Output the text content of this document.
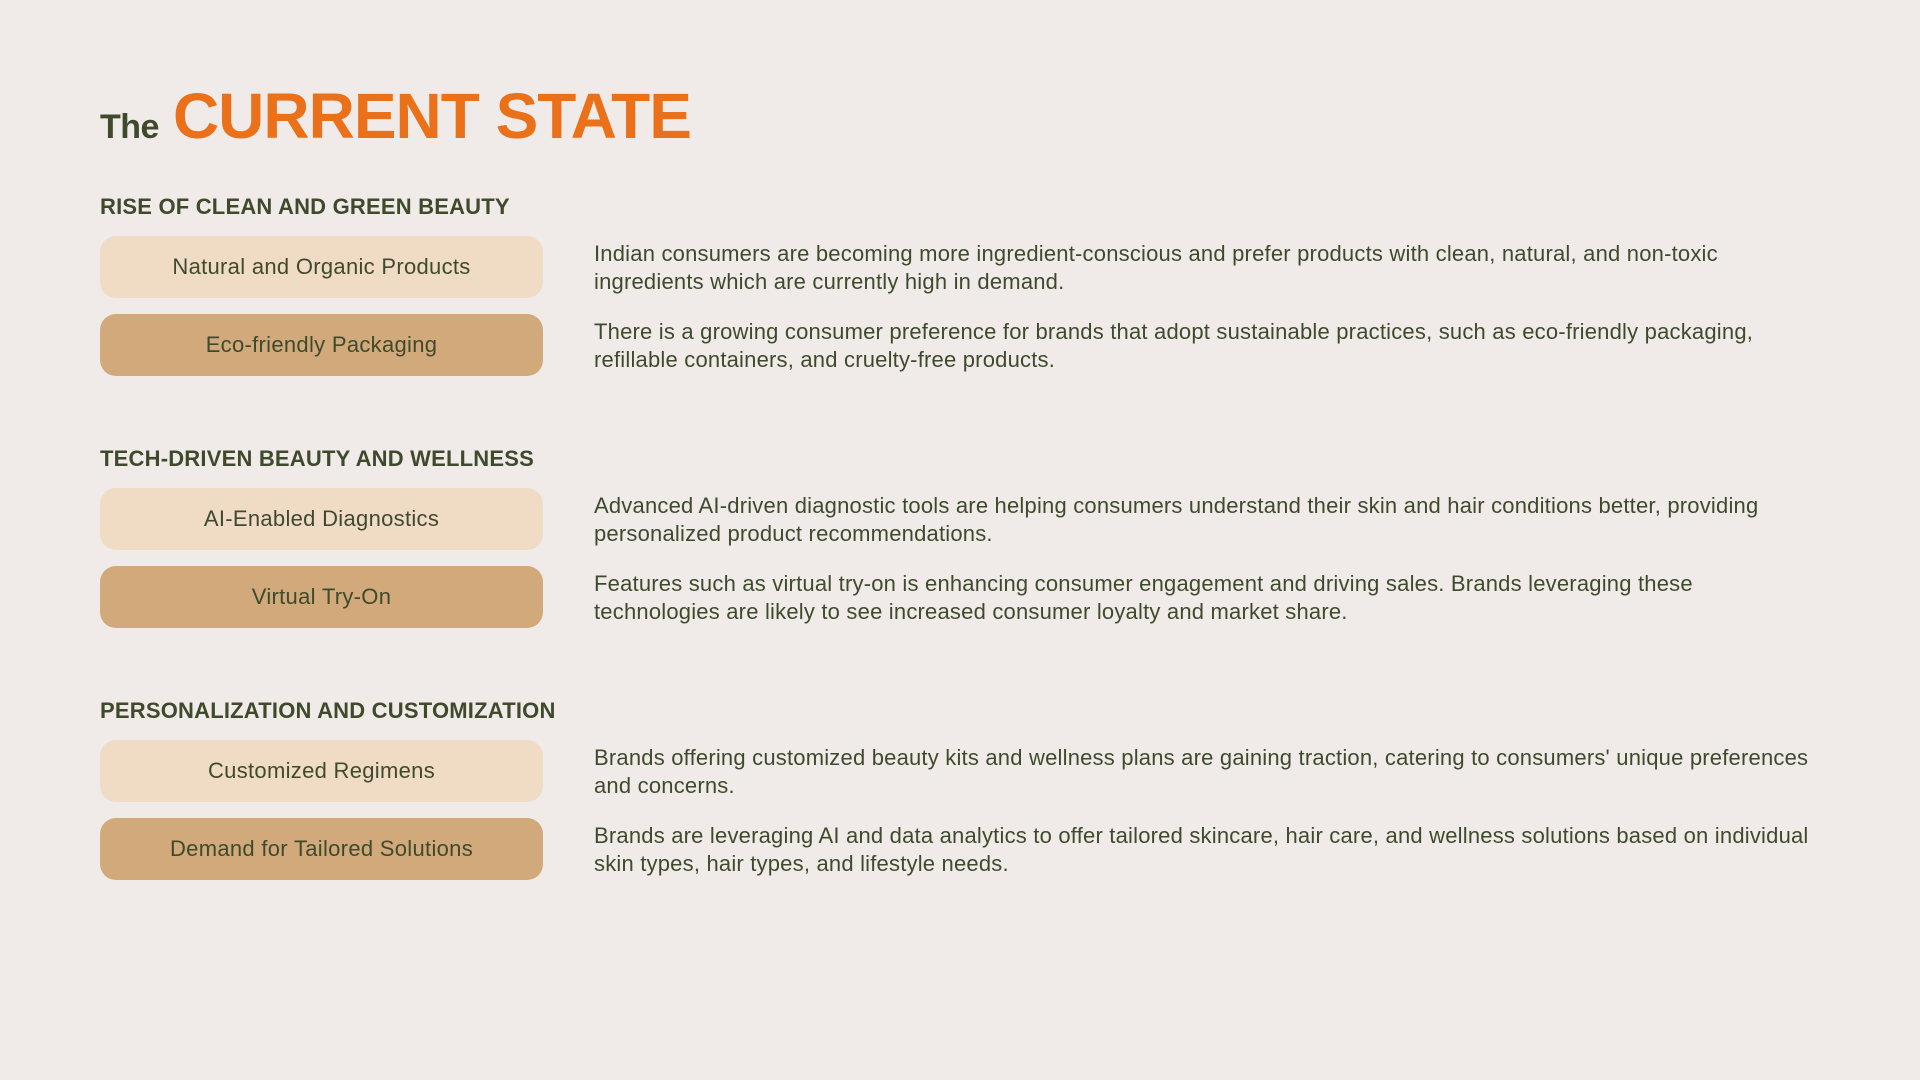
The CURRENT STATE
RISE OF CLEAN AND GREEN BEAUTY
Natural and Organic Products
Indian consumers are becoming more ingredient-conscious and prefer products with clean, natural, and non-toxic ingredients which are currently high in demand.
Eco-friendly Packaging
There is a growing consumer preference for brands that adopt sustainable practices, such as eco-friendly packaging, refillable containers, and cruelty-free products.
TECH-DRIVEN BEAUTY AND WELLNESS
AI-Enabled Diagnostics
Advanced AI-driven diagnostic tools are helping consumers understand their skin and hair conditions better, providing personalized product recommendations.
Virtual Try-On
Features such as virtual try-on is enhancing consumer engagement and driving sales. Brands leveraging these technologies are likely to see increased consumer loyalty and market share.
PERSONALIZATION AND CUSTOMIZATION
Customized Regimens
Brands offering customized beauty kits and wellness plans are gaining traction, catering to consumers' unique preferences and concerns.
Demand for Tailored Solutions
Brands are leveraging AI and data analytics to offer tailored skincare, hair care, and wellness solutions based on individual skin types, hair types, and lifestyle needs.
